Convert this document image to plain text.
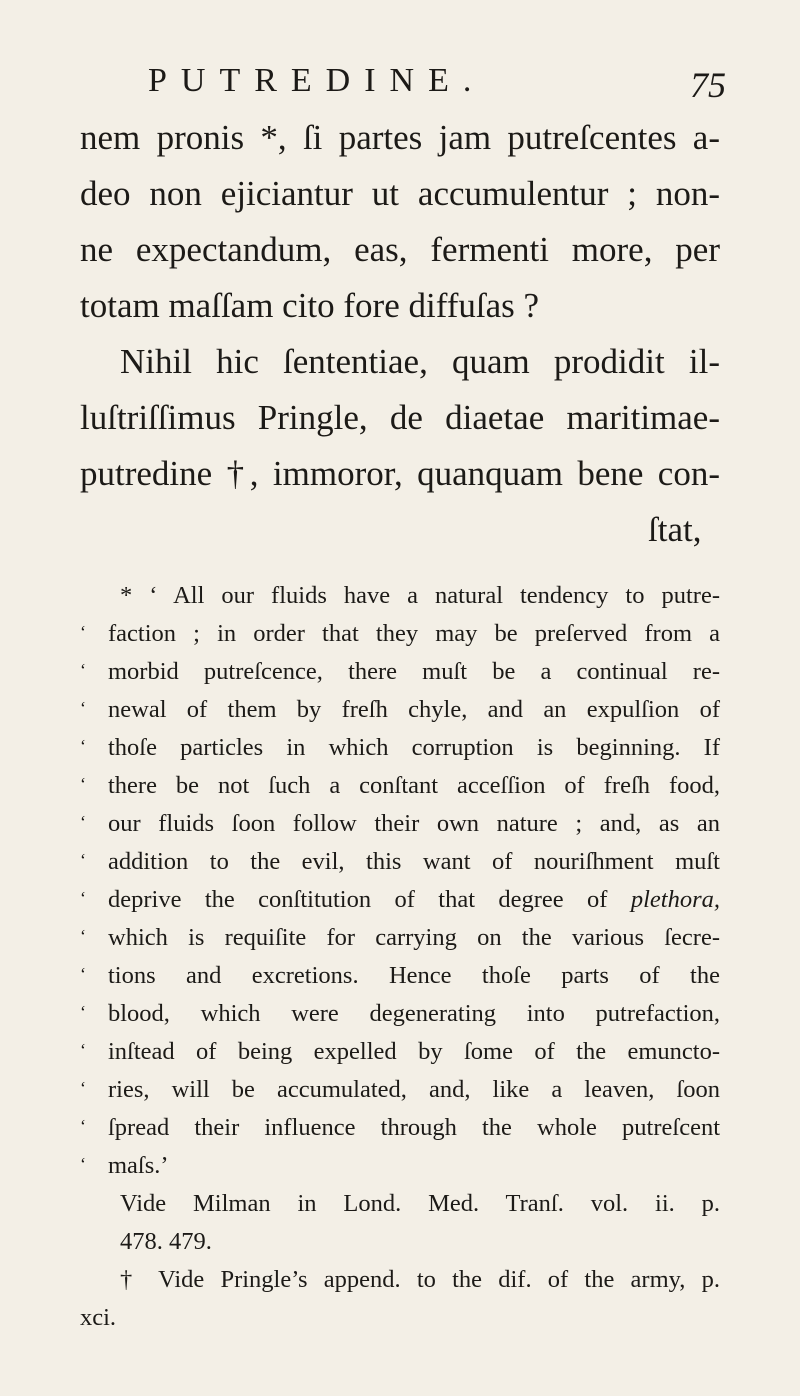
PUTREDINE.	75
nem pronis *, ſi partes jam putreſcentes a-
deo non ejiciantur ut accumulentur ; non-
ne expectandum, eas, fermenti more, per
totam maſſam cito fore diffuſas ?
Nihil hic ſententiae, quam prodidit il-
luſtriſſimus Pringle, de diaetae maritimae-
putredine †, immoror, quanquam bene con-
ſtat,
* ‘ All our fluids have a natural tendency to putre-
‘ faction ; in order that they may be preſerved from a
‘ morbid putreſcence, there muſt be a continual re-
‘ newal of them by freſh chyle, and an expulſion of
‘ thoſe particles in which corruption is beginning. If
‘ there be not ſuch a conſtant acceſſion of freſh food,
‘ our fluids ſoon follow their own nature ; and, as an
‘ addition to the evil, this want of nouriſhment muſt
‘ deprive the conſtitution of that degree of plethora,
‘ which is requiſite for carrying on the various ſecre-
‘ tions and excretions. Hence thoſe parts of the
‘ blood, which were degenerating into putrefaction,
‘ inſtead of being expelled by ſome of the emuncto-
‘ ries, will be accumulated, and, like a leaven, ſoon
‘ ſpread their influence through the whole putreſcent
‘ maſs.’
Vide Milman in Lond. Med. Tranſ. vol. ii. p.
478. 479.
† Vide Pringle’s append. to the dif. of the army, p.
xci.
